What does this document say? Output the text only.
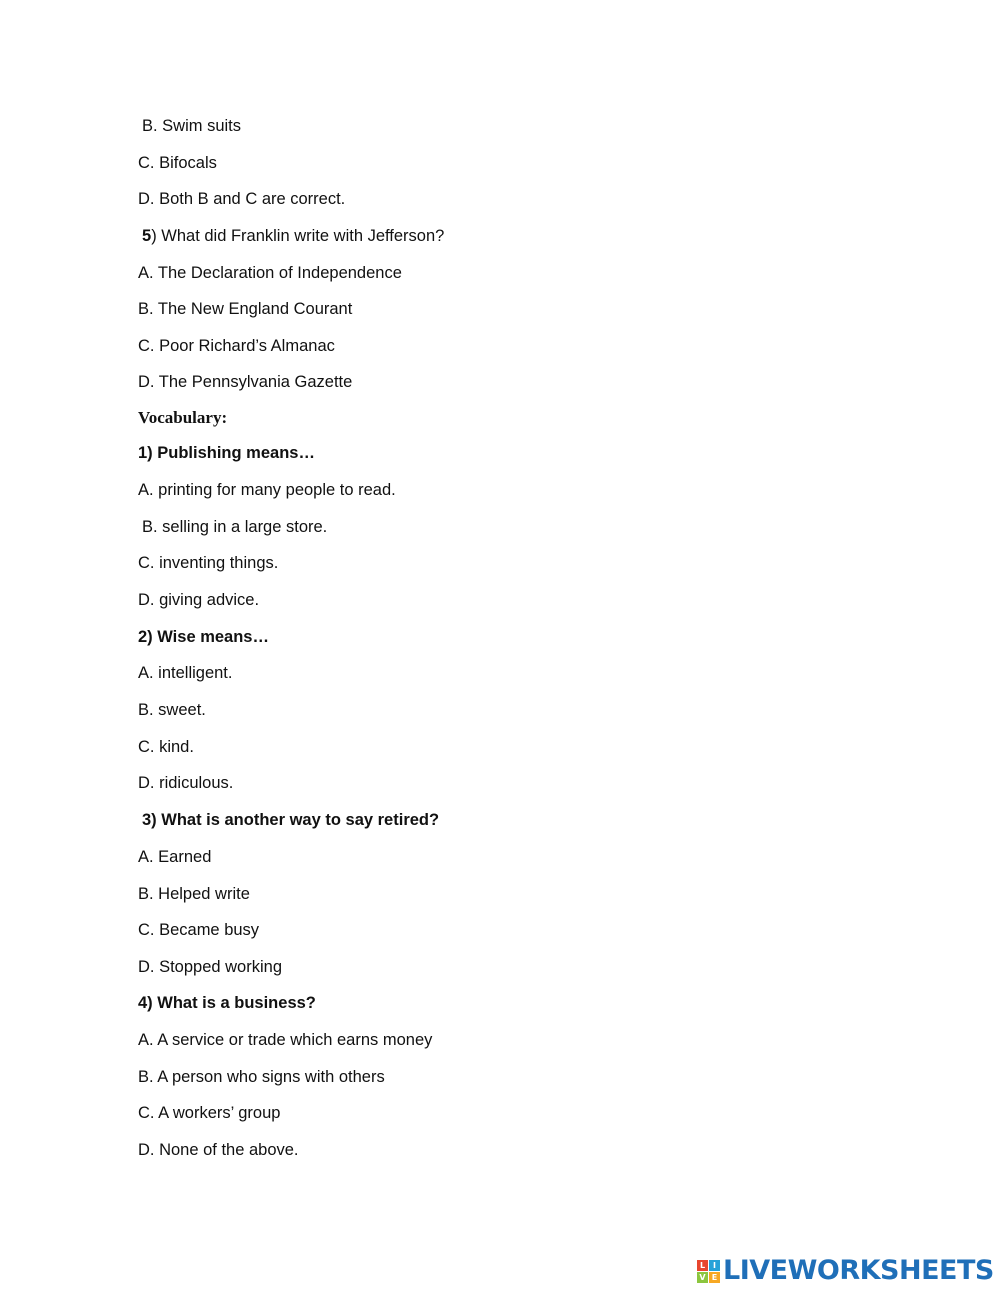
B. Swim suits
C. Bifocals
D. Both B and C are correct.
5) What did Franklin write with Jefferson?
A. The Declaration of Independence
B. The New England Courant
C. Poor Richard’s Almanac
D. The Pennsylvania Gazette
Vocabulary:
1) Publishing means…
A. printing for many people to read.
B. selling in a large store.
C. inventing things.
D. giving advice.
2) Wise means…
A. intelligent.
B. sweet.
C. kind.
D. ridiculous.
3) What is another way to say retired?
A. Earned
B. Helped write
C. Became busy
D. Stopped working
4) What is a business?
A. A service or trade which earns money
B. A person who signs with others
C. A workers’ group
D. None of the above.
L I
V E LIVEWORKSHEETS
